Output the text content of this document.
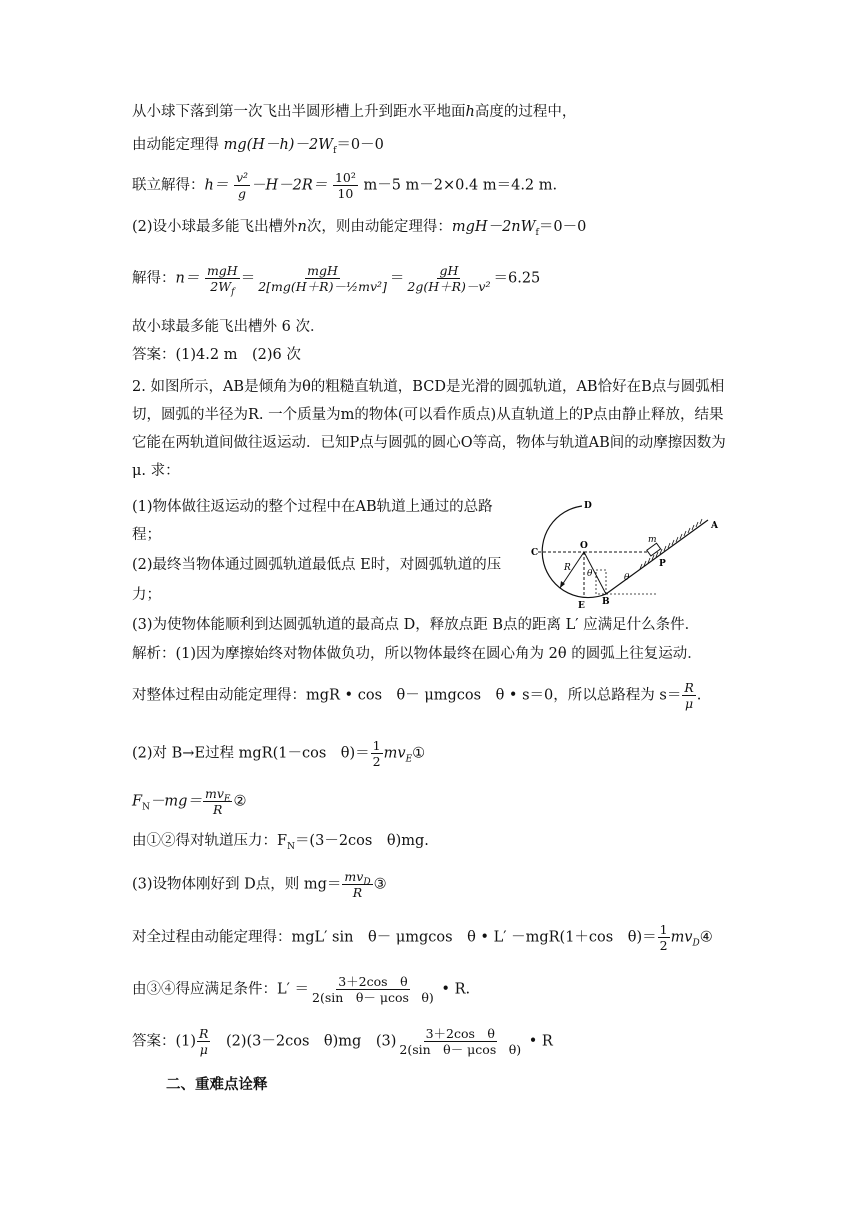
从小球下落到第一次飞出半圆形槽上升到距水平地面h高度的过程中，
由动能定理得 $mg(H-h)-2W_f=0-0$
联立解得：$h= \frac{\text{v²}}{g} -H-2R= \frac{\text{10²}}{10} m-5$ m－2×0.4 m＝4.2 m.
(2)设小球最多能飞出槽外n次，则由动能定理得：$mgH-2nW_f=0-0$
解得：n＝ mgH
$2W_f$
＝	mgH
2[mg(H＋R)－½mv²] ＝ $\frac{gH}{\text{2g(H＋R)－v²}} =6.25$
故小球最多能飞出槽外 6 次．
答案：(1)4.2 m　(2)6 次
2. 如图所示，AB是倾角为θ的粗糙直轨道，BCD是光滑的圆弧轨道，AB恰好在B点与圆弧相切，圆弧的半径为R. 一个质量为m的物体(可以看作质点)从直轨道上的P点由静止释放，结果它能在两轨道间做往返运动．已知P点与圆弧的圆心O等高，物体与轨道AB间的动摩擦因数为μ. 求：
(1)物体做往返运动的整个过程中在AB轨道上通过的总路
程；
(2)最终当物体通过圆弧轨道最低点 E时，对圆弧轨道的压
力；
(3)为使物体能顺利到达圆弧轨道的最高点 D，释放点距 B点的距离 L′ 应满足什么条件．
解析：(1)因为摩擦始终对物体做负功，所以物体最终在圆心角为 2θ 的圆弧上往复运动．
对整体过程由动能定理得：mgR • cos　θ－ μmgcos　θ • s＝0，所以总路程为 $s= \frac{R}{\mu}$ .
(2)对 B→E过程 mgR(1－cos　$\theta)= \frac{1}{2}$ $mv_E①$
$F_N-mg= mv_E$
R ②
由①②得对轨道压力：$F_N=(3-2\cos$　θ)mg.
(3)设物体刚好到 D点，则 $mg= mv_D$
R ③
对全过程由动能定理得：mgL′ sin　θ－ μmgcos　θ • L′ －mgR(1＋cos　$\theta)= \frac{1}{2}$ $mv_D④$
由③④得应满足条件：$L' = \frac{\text{3＋2cos　θ}}{\text{2(sin　θ－ μcos　θ)}}$ • R.
答案：$(1) \frac{R}{\mu}$ 　(2)(3－2cos　θ)mg　$(3) \frac{\text{3＋2cos　θ}}{\text{2(sin　θ－ μcos　θ)}}$ • R
二、重难点诠释
D
C
O
R
θ
E B
θ
m
P
A
